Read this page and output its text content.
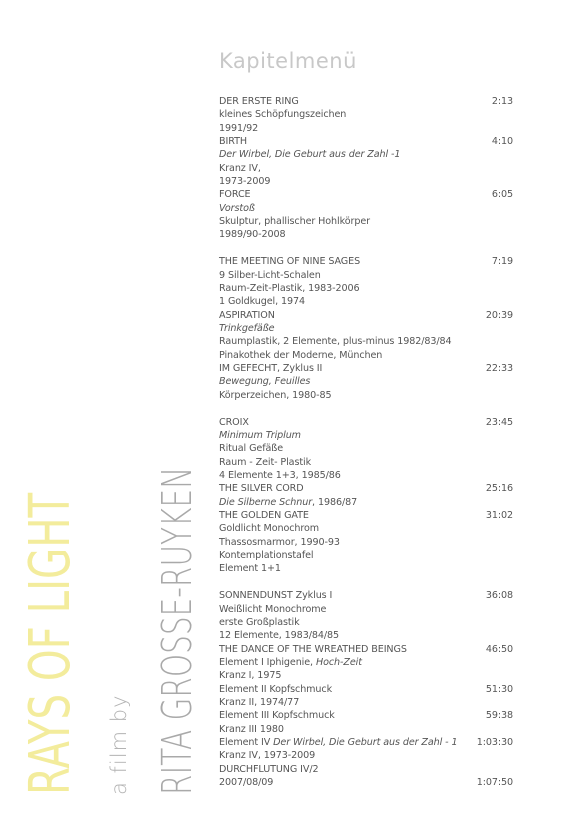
RAYS OF LIGHT a film by RITA GROSSE-RUYKEN
Kapitelmenü
DER ERSTE RING	2:13
kleines Schöpfungszeichen
1991/92
BIRTH	4:10
Der Wirbel, Die Geburt aus der Zahl -1
Kranz IV,
1973-2009
FORCE	6:05
Vorstoß
Skulptur, phallischer Hohlkörper
1989/90-2008
THE MEETING OF NINE SAGES	7:19
9 Silber-Licht-Schalen
Raum-Zeit-Plastik, 1983-2006
1 Goldkugel, 1974
ASPIRATION	20:39
Trinkgefäße
Raumplastik, 2 Elemente, plus-minus 1982/83/84
Pinakothek der Moderne, München
IM GEFECHT, Zyklus II	22:33
Bewegung, Feuilles
Körperzeichen, 1980-85
CROIX	23:45
Minimum Triplum
Ritual Gefäße
Raum - Zeit- Plastik
4 Elemente 1+3, 1985/86
THE SILVER CORD	25:16
Die Silberne Schnur, 1986/87
THE GOLDEN GATE	31:02
Goldlicht Monochrom
Thassosmarmor, 1990-93
Kontemplationstafel
Element 1+1
SONNENDUNST Zyklus I	36:08
Weißlicht Monochrome
erste Großplastik
12 Elemente, 1983/84/85
THE DANCE OF THE WREATHED BEINGS	46:50
Element I Iphigenie, Hoch-Zeit
Kranz I, 1975
Element II Kopfschmuck	51:30
Kranz II, 1974/77
Element III Kopfschmuck	59:38
Kranz III 1980
Element IV Der Wirbel, Die Geburt aus der Zahl - 1 1:03:30
Kranz IV, 1973-2009
DURCHFLUTUNG IV/2
2007/08/09	1:07:50
